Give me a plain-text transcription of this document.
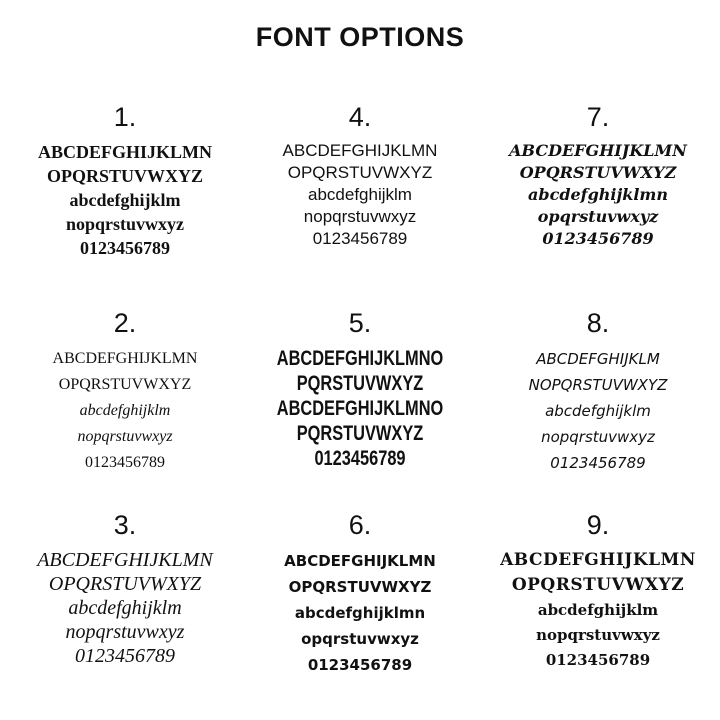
FONT OPTIONS
1.
ABCDEFGHIJKLMN
OPQRSTUVWXYZ
abcdefghijklm
nopqrstuvwxyz
0123456789
4.
ABCDEFGHIJKLMN
OPQRSTUVWXYZ
abcdefghijklm
nopqrstuvwxyz
0123456789
7.
ABCDEFGHIJKLMN
OPQRSTUVWXYZ
abcdefghijklmn
opqrstuvwxyz
0123456789
2.
ABCDEFGHIJKLMN
OPQRSTUVWXYZ
abcdefghijklm
nopqrstuvwxyz
0123456789
5.
ABCDEFGHIJKLMNO
PQRSTUVWXYZ
ABCDEFGHIJKLMNO
PQRSTUVWXYZ
0123456789
8.
ABCDEFGHIJKLM
NOPQRSTUVWXYZ
abcdefghijklm
nopqrstuvwxyz
0123456789
3.
ABCDEFGHIJKLMN
OPQRSTUVWXYZ
abcdefghijklm
nopqrstuvwxyz
0123456789
6.
ABCDEFGHIJKLMN
OPQRSTUVWXYZ
abcdefghijklmn
opqrstuvwxyz
0123456789
9.
ABCDEFGHIJKLMN
OPQRSTUVWXYZ
abcdefghijklm
nopqrstuvwxyz
0123456789
